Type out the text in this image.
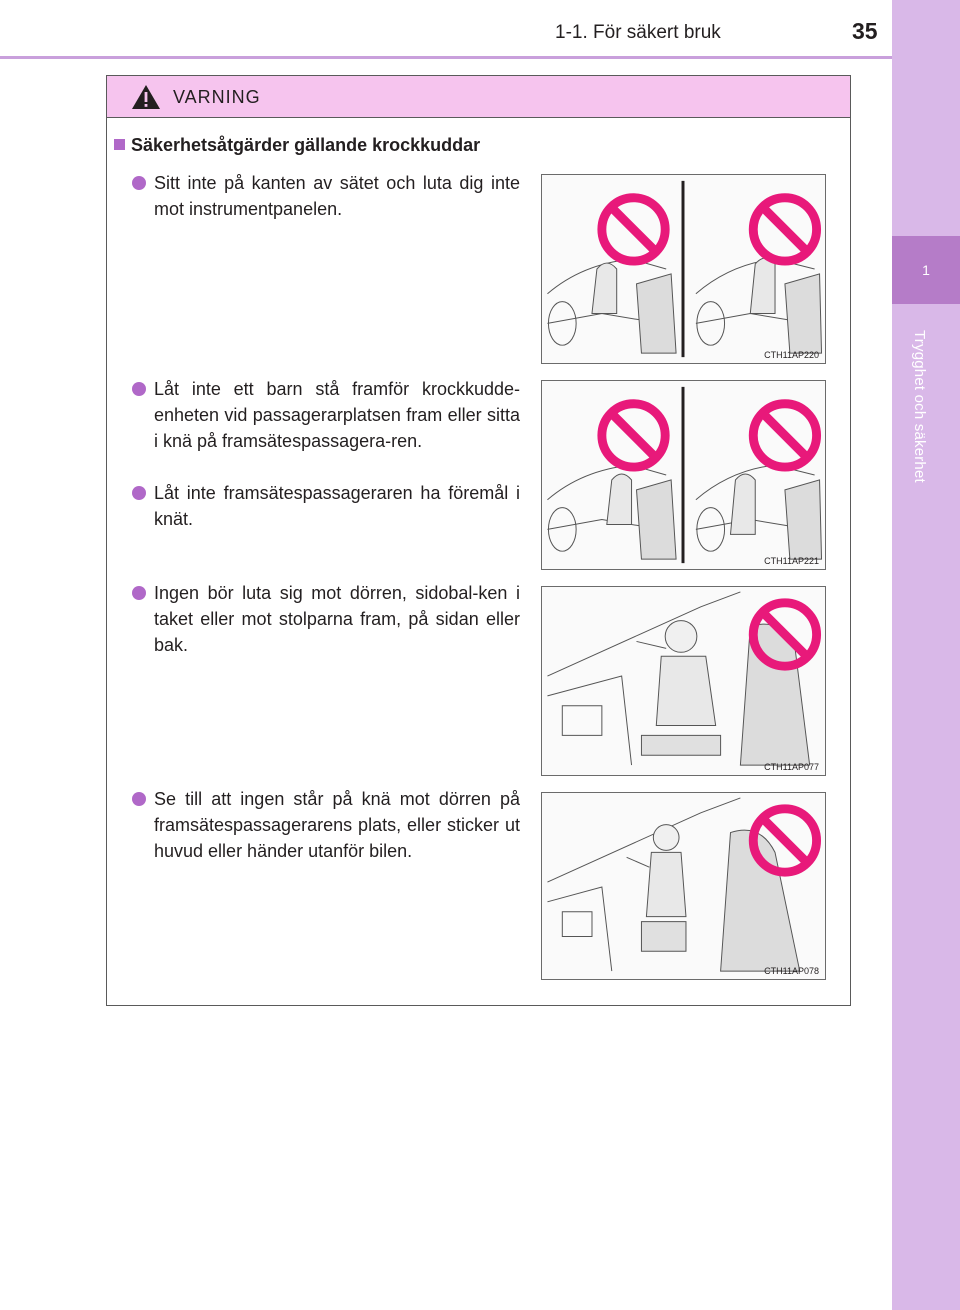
1-1. För säkert bruk	35
1
Trygghet och säkerhet
VARNING
Säkerhetsåtgärder gällande krockkuddar
Sitt inte på kanten av sätet och luta dig inte mot instrumentpanelen.
Låt inte ett barn stå framför krockkudde-enheten vid passagerarplatsen fram eller sitta i knä på framsätespassagera-ren.
Låt inte framsätespassageraren ha föremål i knät.
Ingen bör luta sig mot dörren, sidobal-ken i taket eller mot stolparna fram, på sidan eller bak.
Se till att ingen står på knä mot dörren på framsätespassagerarens plats, eller sticker ut huvud eller händer utanför bilen.
CTH11AP220
CTH11AP221
CTH11AP077
CTH11AP078
